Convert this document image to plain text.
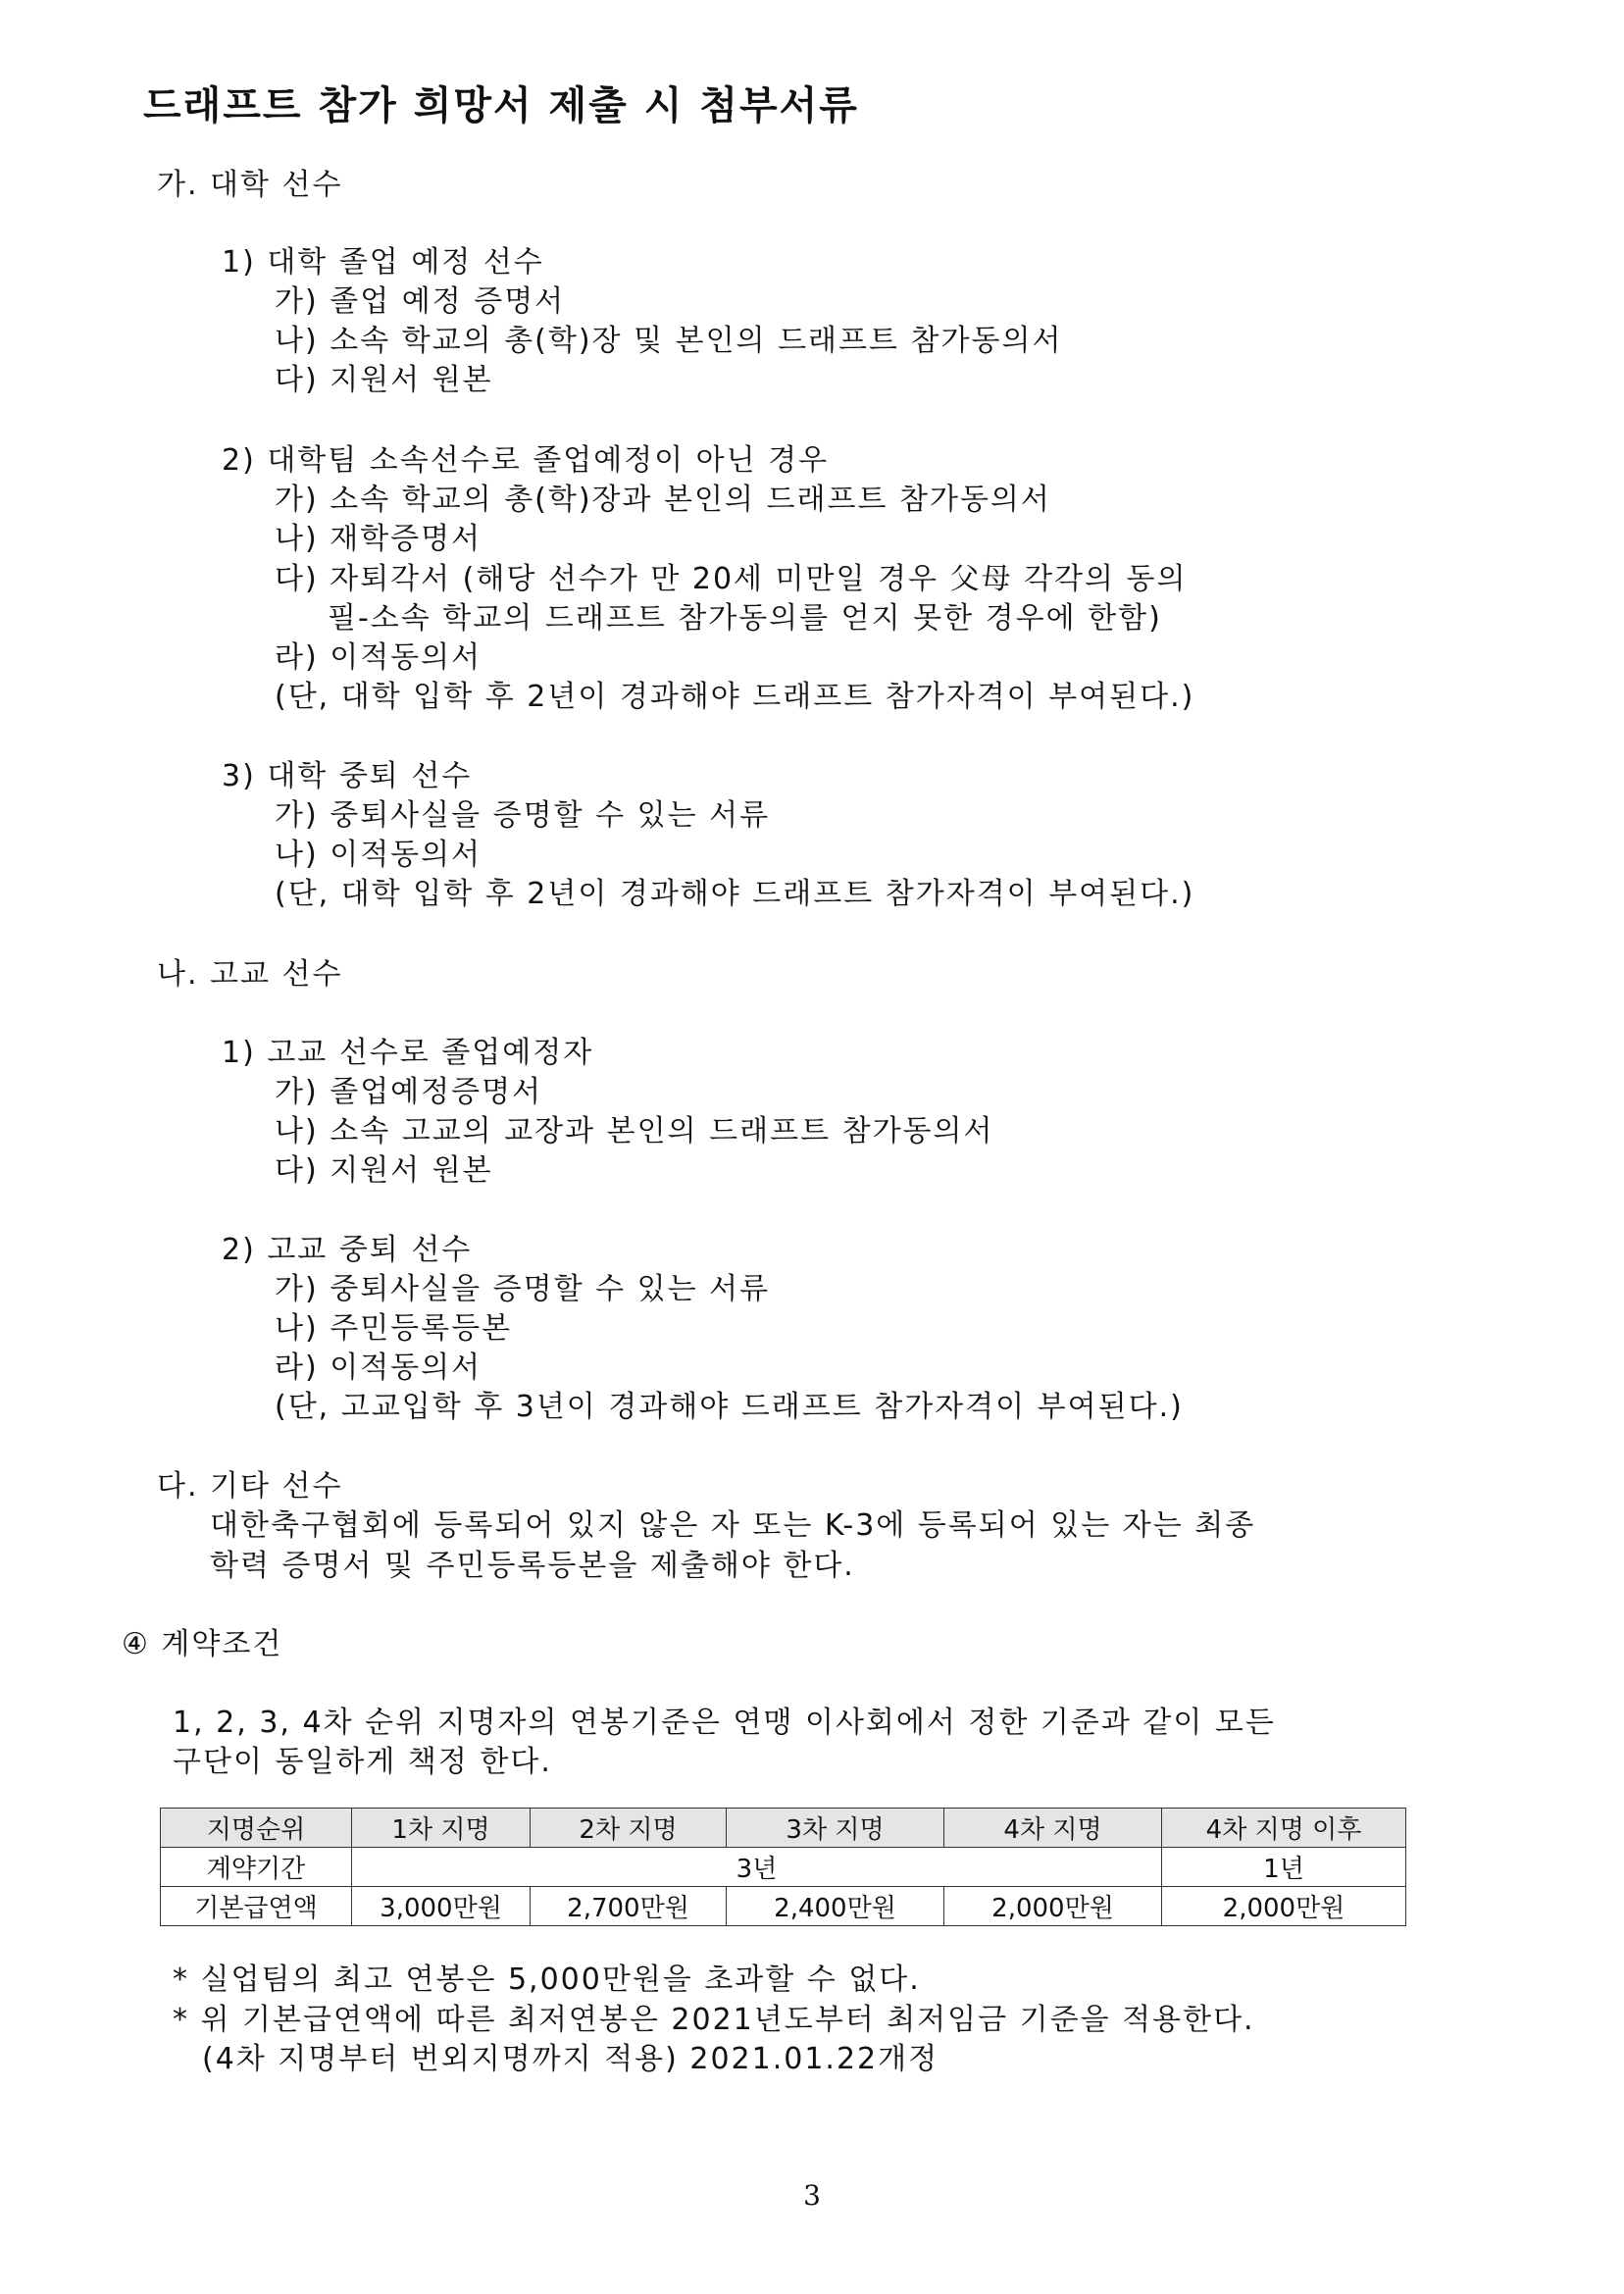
드래프트 참가 희망서 제출 시 첨부서류
가. 대학 선수
1) 대학 졸업 예정 선수
가) 졸업 예정 증명서
나) 소속 학교의 총(학)장 및 본인의 드래프트 참가동의서
다) 지원서 원본
2) 대학팀 소속선수로 졸업예정이 아닌 경우
가) 소속 학교의 총(학)장과 본인의 드래프트 참가동의서
나) 재학증명서
다) 자퇴각서 (해당 선수가 만 20세 미만일 경우 父母 각각의 동의
필-소속 학교의 드래프트 참가동의를 얻지 못한 경우에 한함)
라) 이적동의서
(단, 대학 입학 후 2년이 경과해야 드래프트 참가자격이 부여된다.)
3) 대학 중퇴 선수
가) 중퇴사실을 증명할 수 있는 서류
나) 이적동의서
(단, 대학 입학 후 2년이 경과해야 드래프트 참가자격이 부여된다.)
나. 고교 선수
1) 고교 선수로 졸업예정자
가) 졸업예정증명서
나) 소속 고교의 교장과 본인의 드래프트 참가동의서
다) 지원서 원본
2) 고교 중퇴 선수
가) 중퇴사실을 증명할 수 있는 서류
나) 주민등록등본
라) 이적동의서
(단, 고교입학 후 3년이 경과해야 드래프트 참가자격이 부여된다.)
다. 기타 선수
대한축구협회에 등록되어 있지 않은 자 또는 K-3에 등록되어 있는 자는 최종
학력 증명서 및 주민등록등본을 제출해야 한다.
④ 계약조건
1, 2, 3, 4차 순위 지명자의 연봉기준은 연맹 이사회에서 정한 기준과 같이 모든
구단이 동일하게 책정 한다.
지명순위	1차 지명	2차 지명	3차 지명	4차 지명	4차 지명 이후
계약기간	3년				1년
기본급연액	3,000만원	2,700만원	2,400만원	2,000만원	2,000만원
* 실업팀의 최고 연봉은 5,000만원을 초과할 수 없다.
* 위 기본급연액에 따른 최저연봉은 2021년도부터 최저임금 기준을 적용한다.
(4차 지명부터 번외지명까지 적용) 2021.01.22개정
3
